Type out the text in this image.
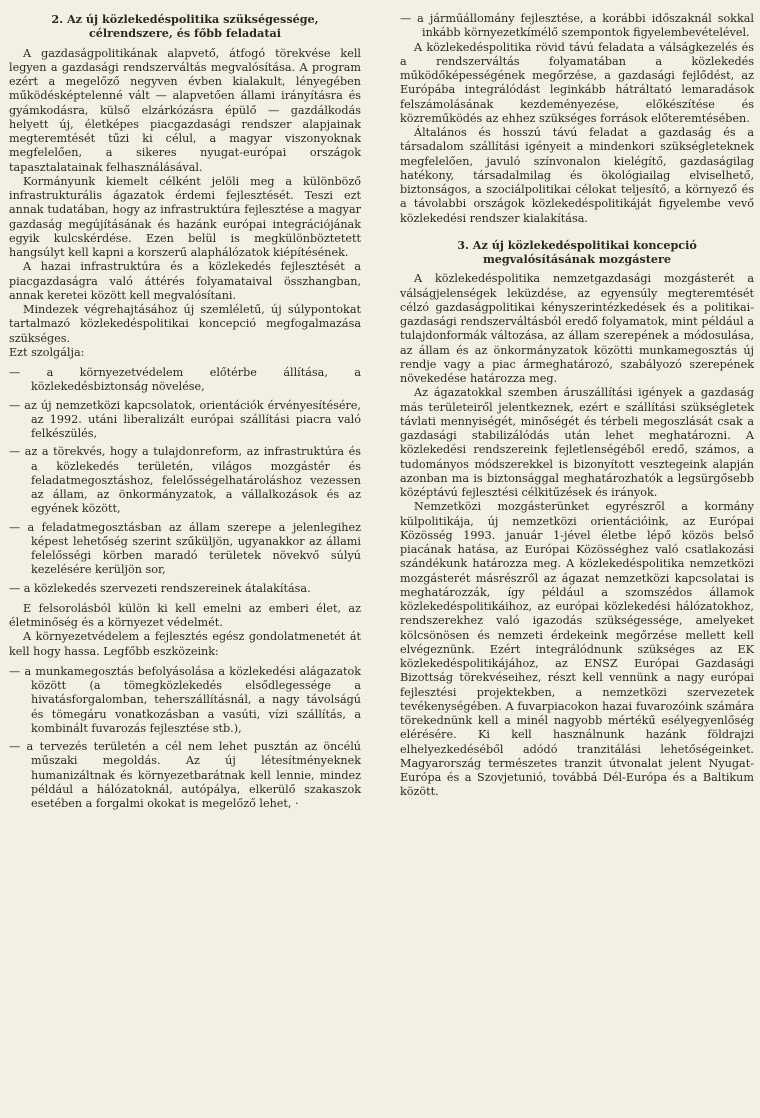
2. Az új közlekedéspolitika szükségessége,
célrendszere, és főbb feladatai

A gazdaságpolitikának alapvető, átfogó törekvése kell legyen a gazdasági rendszerváltás megvalósítása. A program ezért a megelőző negyven évben kialakult, lényegében működésképtelenné vált — alapvetően állami irányításra és gyámkodásra, külső elzárkózásra épülő — gazdálkodás helyett új, életképes piacgazdasági rendszer alapjainak megteremtését tűzi ki célul, a magyar viszonyoknak megfelelően, a sikeres nyugat-európai országok tapasztalatainak felhasználásával.

Kormányunk kiemelt célként jelöli meg a különböző infrastrukturális ágazatok érdemi fejlesztését. Teszi ezt annak tudatában, hogy az infrastruktúra fejlesztése a magyar gazdaság megújításának és hazánk európai integrációjának egyik kulcskérdése. Ezen belül is megkülönböztetett hangsúlyt kell kapni a korszerű alaphálózatok kiépítésének.

A hazai infrastruktúra és a közlekedés fejlesztését a piacgazdaságra való áttérés folyamataival összhangban, annak keretei között kell megvalósítani.

Mindezek végrehajtásához új szemléletű, új súlypontokat tartalmazó közlekedéspolitikai koncepció megfogalmazása szükséges.

Ezt szolgálja:

— a környezetvédelem előtérbe állítása, a közlekedésbiztonság növelése,

— az új nemzetközi kapcsolatok, orientációk érvényesítésére, az 1992. utáni liberalizált európai szállítási piacra való felkészülés,

— az a törekvés, hogy a tulajdonreform, az infrastruktúra és a közlekedés területén, világos mozgástér és feladatmegosztáshoz, felelősségelhatároláshoz vezessen az állam, az önkormányzatok, a vállalkozások és az egyének között,

— a feladatmegosztásban az állam szerepe a jelenlegihez képest lehetőség szerint szűküljön, ugyanakkor az állami felelősségi körben maradó területek növekvő súlyú kezelésére kerüljön sor,

— a közlekedés szervezeti rendszereinek átalakítása.

E felsorolásból külön ki kell emelni az emberi élet, az életminőség és a környezet védelmét.

A környezetvédelem a fejlesztés egész gondolatmenetét át kell hogy hassa. Legfőbb eszközeink:

— a munkamegosztás befolyásolása a közlekedési alágazatok között (a tömegközlekedés elsődlegessége a hivatásforgalomban, teherszállításnál, a nagy távolságú és tömegáru vonatkozásban a vasúti, vízi szállítás, a kombinált fuvarozás fejlesztése stb.),

— a tervezés területén a cél nem lehet pusztán az öncélú műszaki megoldás. Az új létesítményeknek humanizáltnak és környezetbarátnak kell lennie, mindez például a hálózatoknál, autópálya, elkerülő szakaszok esetében a forgalmi okokat is megelőző lehet, ·

— a járműállomány fejlesztése, a korábbi időszaknál sokkal inkább környezetkímélő szempontok figyelembevételével.

A közlekedéspolitika rövid távú feladata a válságkezelés és a rendszerváltás folyamatában a közlekedés működőképességének megőrzése, a gazdasági fejlődést, az Európába integrálódást leginkább hátráltató lemaradások felszámolásának kezdeményezése, előkészítése és közreműködés az ehhez szükséges források előteremtésében.

Általános és hosszú távú feladat a gazdaság és a társadalom szállítási igényeit a mindenkori szükségleteknek megfelelően, javuló színvonalon kielégítő, gazdaságilag hatékony, társadalmilag és ökológiailag elviselhető, biztonságos, a szociálpolitikai célokat teljesítő, a környező és a távolabbi országok közlekedéspolitikáját figyelembe vevő közlekedési rendszer kialakítása.

3. Az új közlekedéspolitikai koncepció
megvalósításának mozgástere

A közlekedéspolitika nemzetgazdasági mozgásterét a válságjelenségek leküzdése, az egyensúly megteremtését célzó gazdaságpolitikai kényszerintézkedések és a politikai-gazdasági rendszerváltásból eredő folyamatok, mint például a tulajdonformák változása, az állam szerepének a módosulása, az állam és az önkormányzatok közötti munkamegosztás új rendje vagy a piac ármeghatározó, szabályozó szerepének növekedése határozza meg.

Az ágazatokkal szemben áruszállítási igények a gazdaság más területeiről jelentkeznek, ezért e szállítási szükségletek távlati mennyiségét, minőségét és térbeli megoszlását csak a gazdasági stabilizálódás után lehet meghatározni. A közlekedési rendszereink fejletlenségéből eredő, számos, a tudományos módszerekkel is bizonyított vesztegeink alapján azonban ma is biztonsággal meghatározhatók a legsürgősebb középtávú fejlesztési célkitűzések és irányok.

Nemzetközi mozgásterünket egyrészről a kormány külpolitikája, új nemzetközi orientációink, az Európai Közösség 1993. január 1-jével életbe lépő közös belső piacának hatása, az Európai Közösséghez való csatlakozási szándékunk határozza meg. A közlekedéspolitika nemzetközi mozgásterét másrészről az ágazat nemzetközi kapcsolatai is meghatározzák, így például a szomszédos államok közlekedéspolitikáihoz, az európai közlekedési hálózatokhoz, rendszerekhez való igazodás szükségessége, amelyeket kölcsönösen és nemzeti érdekeink megőrzése mellett kell elvégeznünk. Ezért integrálódnunk szükséges az EK közlekedéspolitikájához, az ENSZ Európai Gazdasági Bizottság törekvéseihez, részt kell vennünk a nagy európai fejlesztési projektekben, a nemzetközi szervezetek tevékenységében. A fuvarpiacokon hazai fuvarozóink számára törekednünk kell a minél nagyobb mértékű esélyegyenlőség elérésére. Ki kell használnunk hazánk földrajzi elhelyezkedéséből adódó tranzitálási lehetőségeinket. Magyarország természetes tranzit útvonalat jelent Nyugat-Európa és a Szovjetunió, továbbá Dél-Európa és a Baltikum között.
